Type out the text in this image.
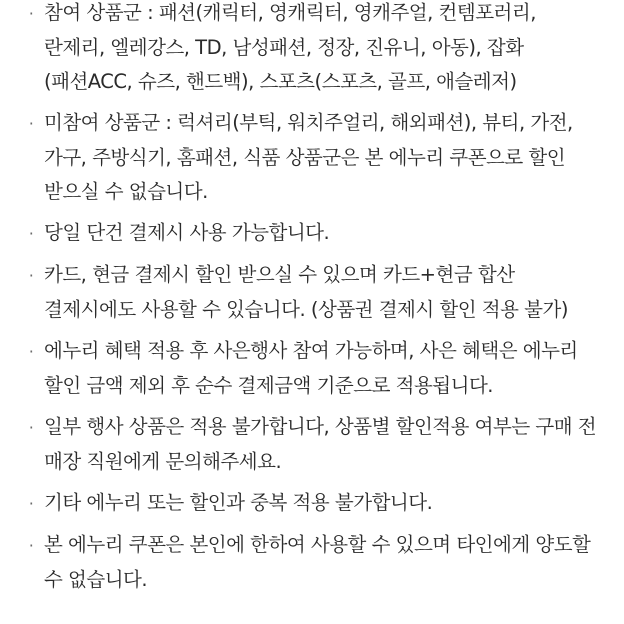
· 참여 상품군 : 패션(캐릭터, 영캐릭터, 영캐주얼, 컨템포러리, 란제리, 엘레강스, TD, 남성패션, 정장, 진유니, 아동), 잡화(패션ACC, 슈즈, 핸드백), 스포츠(스포츠, 골프, 애슬레저)
· 미참여 상품군 : 럭셔리(부틱, 워치주얼리, 해외패션), 뷰티, 가전, 가구, 주방식기, 홈패션, 식품 상품군은 본 에누리 쿠폰으로 할인 받으실 수 없습니다.
· 당일 단건 결제시 사용 가능합니다.
· 카드, 현금 결제시 할인 받으실 수 있으며 카드+현금 합산 결제시에도 사용할 수 있습니다. (상품권 결제시 할인 적용 불가)
· 에누리 혜택 적용 후 사은행사 참여 가능하며, 사은 혜택은 에누리 할인 금액 제외 후 순수 결제금액 기준으로 적용됩니다.
· 일부 행사 상품은 적용 불가합니다, 상품별 할인적용 여부는 구매 전 매장 직원에게 문의해주세요.
· 기타 에누리 또는 할인과 중복 적용 불가합니다.
· 본 에누리 쿠폰은 본인에 한하여 사용할 수 있으며 타인에게 양도할 수 없습니다.
